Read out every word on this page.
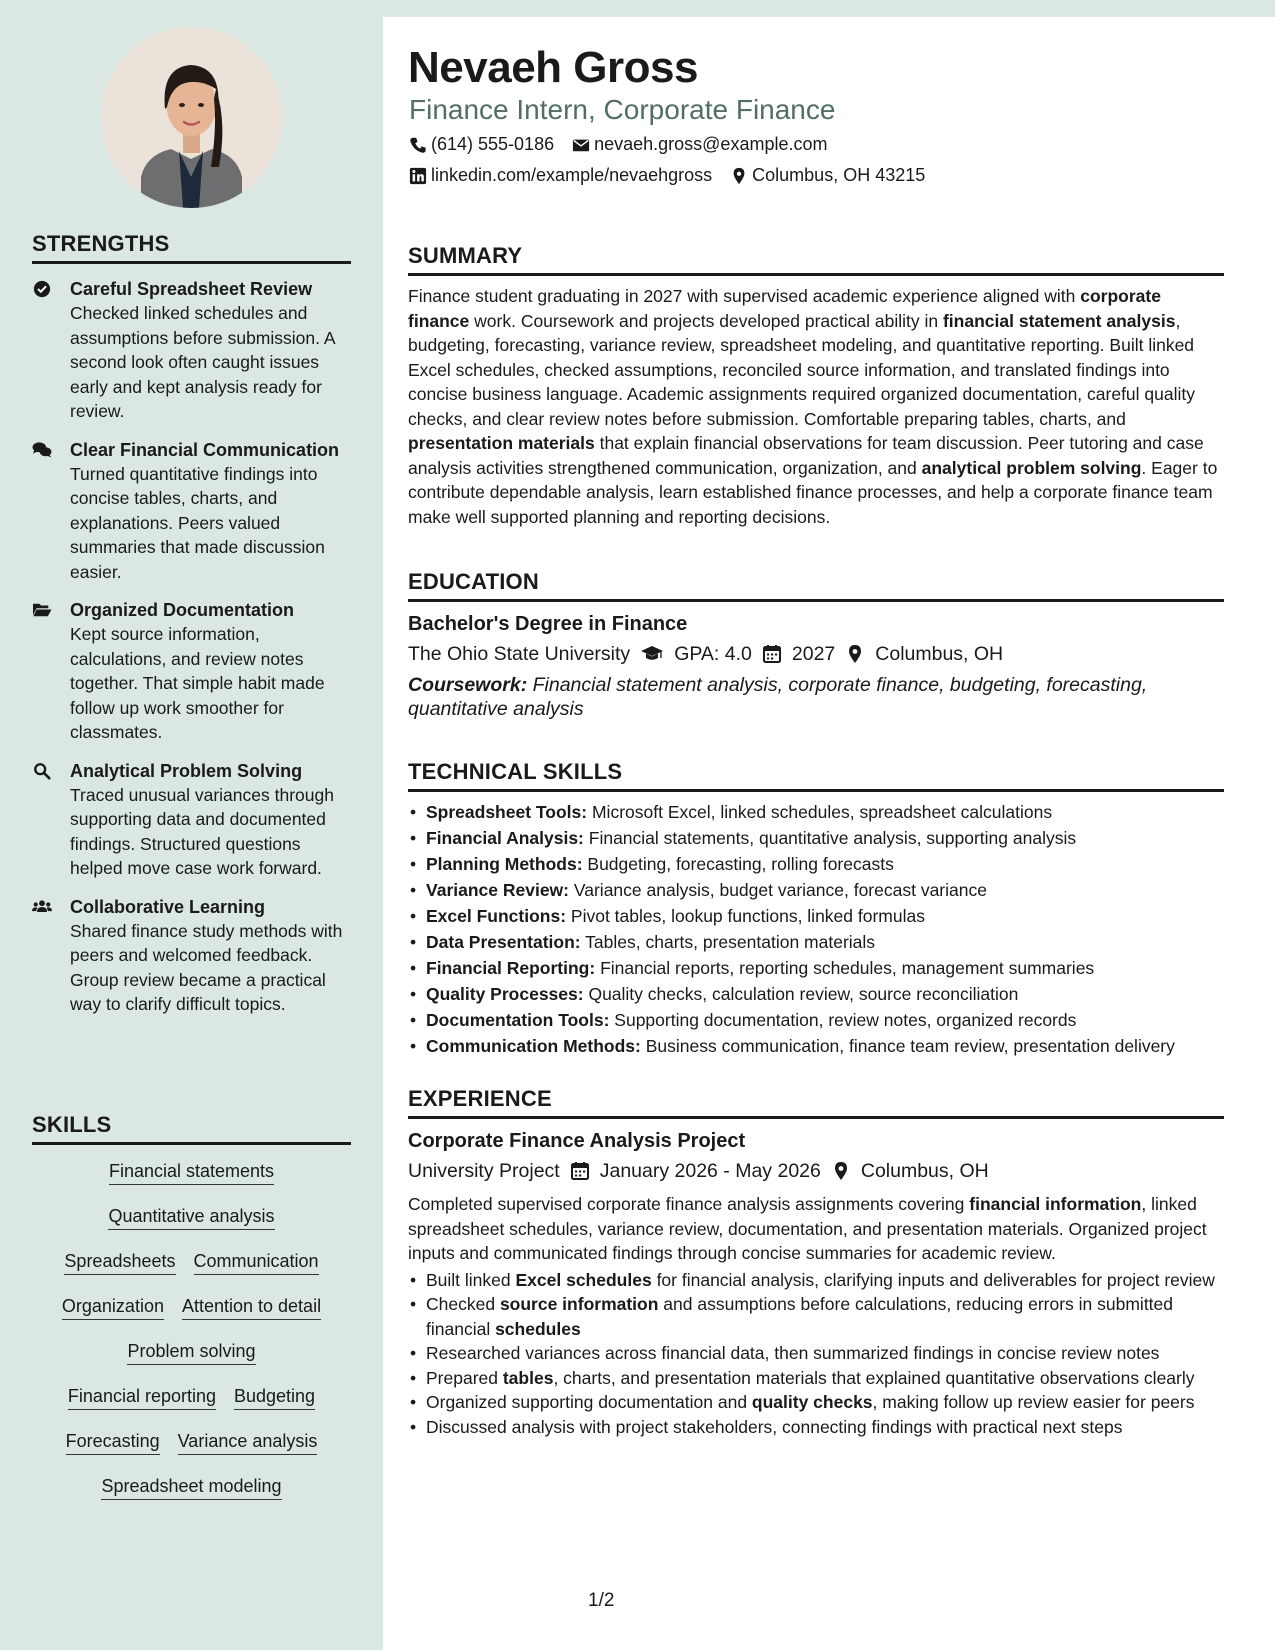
STRENGTHS
Careful Spreadsheet Review
Checked linked schedules and assumptions before submission. A second look often caught issues early and kept analysis ready for review.
Clear Financial Communication
Turned quantitative findings into concise tables, charts, and explanations. Peers valued summaries that made discussion easier.
Organized Documentation
Kept source information, calculations, and review notes together. That simple habit made follow up work smoother for classmates.
Analytical Problem Solving
Traced unusual variances through supporting data and documented findings. Structured questions helped move case work forward.
Collaborative Learning
Shared finance study methods with peers and welcomed feedback. Group review became a practical way to clarify difficult topics.
SKILLS
Financial statements
Quantitative analysis
Spreadsheets Communication
Organization Attention to detail
Problem solving
Financial reporting Budgeting
Forecasting Variance analysis
Spreadsheet modeling
Nevaeh Gross
Finance Intern, Corporate Finance
(614) 555-0186 nevaeh.gross@example.com
linkedin.com/example/nevaehgross Columbus, OH 43215
SUMMARY
Finance student graduating in 2027 with supervised academic experience aligned with corporate finance work. Coursework and projects developed practical ability in financial statement analysis, budgeting, forecasting, variance review, spreadsheet modeling, and quantitative reporting. Built linked Excel schedules, checked assumptions, reconciled source information, and translated findings into concise business language. Academic assignments required organized documentation, careful quality checks, and clear review notes before submission. Comfortable preparing tables, charts, and presentation materials that explain financial observations for team discussion. Peer tutoring and case analysis activities strengthened communication, organization, and analytical problem solving. Eager to contribute dependable analysis, learn established finance processes, and help a corporate finance team make well supported planning and reporting decisions.
EDUCATION
Bachelor's Degree in Finance
The Ohio State University GPA: 4.0 2027 Columbus, OH
Coursework: Financial statement analysis, corporate finance, budgeting, forecasting, quantitative analysis
TECHNICAL SKILLS
• Spreadsheet Tools: Microsoft Excel, linked schedules, spreadsheet calculations
• Financial Analysis: Financial statements, quantitative analysis, supporting analysis
• Planning Methods: Budgeting, forecasting, rolling forecasts
• Variance Review: Variance analysis, budget variance, forecast variance
• Excel Functions: Pivot tables, lookup functions, linked formulas
• Data Presentation: Tables, charts, presentation materials
• Financial Reporting: Financial reports, reporting schedules, management summaries
• Quality Processes: Quality checks, calculation review, source reconciliation
• Documentation Tools: Supporting documentation, review notes, organized records
• Communication Methods: Business communication, finance team review, presentation delivery
EXPERIENCE
Corporate Finance Analysis Project
University Project January 2026 - May 2026 Columbus, OH
Completed supervised corporate finance analysis assignments covering financial information, linked spreadsheet schedules, variance review, documentation, and presentation materials. Organized project inputs and communicated findings through concise summaries for academic review.
• Built linked Excel schedules for financial analysis, clarifying inputs and deliverables for project review
• Checked source information and assumptions before calculations, reducing errors in submitted financial schedules
• Researched variances across financial data, then summarized findings in concise review notes
• Prepared tables, charts, and presentation materials that explained quantitative observations clearly
• Organized supporting documentation and quality checks, making follow up review easier for peers
• Discussed analysis with project stakeholders, connecting findings with practical next steps
1/2
